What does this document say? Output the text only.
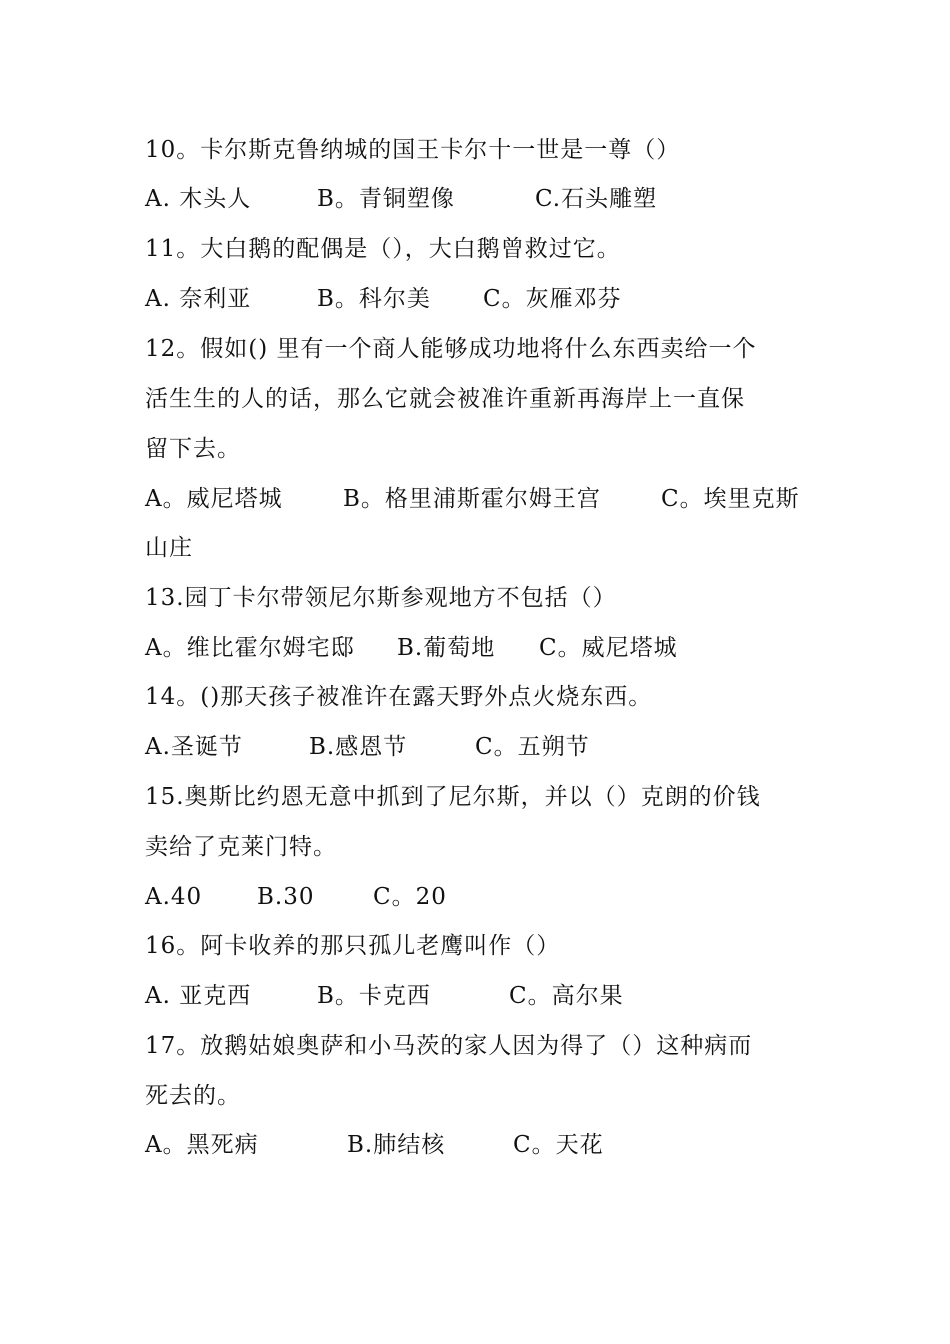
10。卡尔斯克鲁纳城的国王卡尔十一世是一尊（）

A. 木头人

	B。青铜塑像

	C.石头雕塑

11。大白鹅的配偶是（），大白鹅曾救过它。

A. 奈利亚

	B。科尔美

C。灰雁邓芬

12。假如() 里有一个商人能够成功地将什么东西卖给一个
活生生的人的话，那么它就会被准许重新再海岸上一直保
留下去。

A。威尼塔城

	B。格里浦斯霍尔姆王宫

	C。埃里克斯

山庄
13.园丁卡尔带领尼尔斯参观地方不包括（）

A。维比霍尔姆宅邸

B.葡萄地

C。威尼塔城

14。()那天孩子被准许在露天野外点火烧东西。

A.圣诞节

	B.感恩节

	C。五朔节

15.奥斯比约恩无意中抓到了尼尔斯，并以（）克朗的价钱
卖给了克莱门特。

A.40

B.30

	C。20

16。阿卡收养的那只孤儿老鹰叫作（）

A. 亚克西

	B。卡克西

	C。高尔果

17。放鹅姑娘奥萨和小马茨的家人因为得了（）这种病而
死去的。

A。黑死病

	B.肺结核

	C。天花
